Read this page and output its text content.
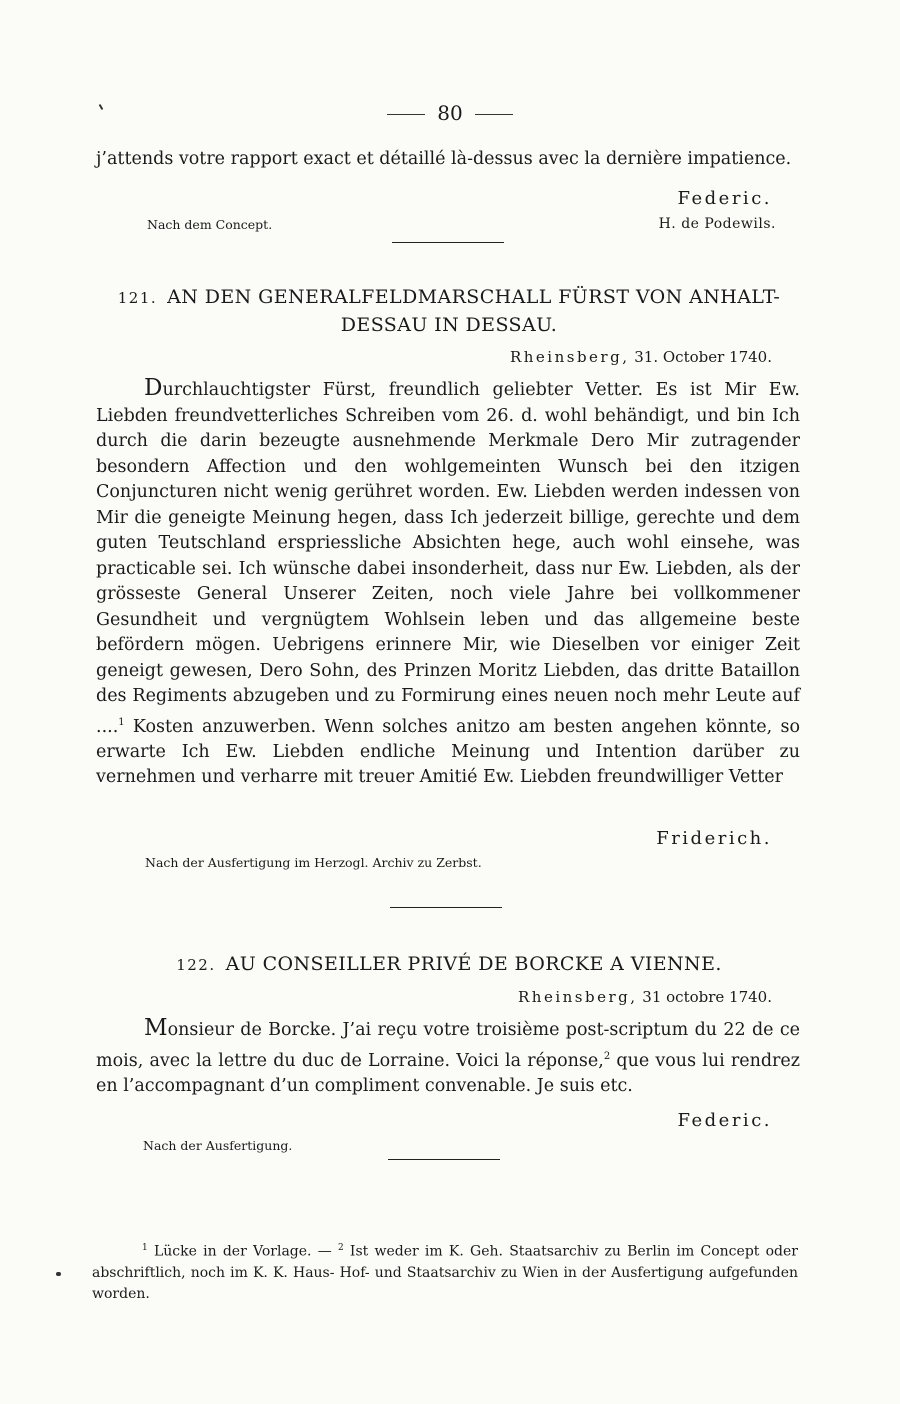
80
j’attends votre rapport exact et détaillé là-dessus avec la dernière impatience.
Federic.
Nach dem Concept.	H. de Podewils.
121. AN DEN GENERALFELDMARSCHALL FÜRST VON ANHALT-DESSAU IN DESSAU.
Rheinsberg, 31. October 1740.
Durchlauchtigster Fürst, freundlich geliebter Vetter. Es ist Mir Ew. Liebden freundvetterliches Schreiben vom 26. d. wohl behändigt, und bin Ich durch die darin bezeugte ausnehmende Merkmale Dero Mir zutragender besondern Affection und den wohlgemeinten Wunsch bei den itzigen Conjuncturen nicht wenig gerühret worden. Ew. Liebden werden indessen von Mir die geneigte Meinung hegen, dass Ich jederzeit billige, gerechte und dem guten Teutschland erspriessliche Absichten hege, auch wohl einsehe, was practicable sei. Ich wünsche dabei insonderheit, dass nur Ew. Liebden, als der grösseste General Unserer Zeiten, noch viele Jahre bei vollkommener Gesundheit und vergnügtem Wohlsein leben und das allgemeine beste befördern mögen. Uebrigens erinnere Mir, wie Dieselben vor einiger Zeit geneigt gewesen, Dero Sohn, des Prinzen Moritz Liebden, das dritte Bataillon des Regiments abzugeben und zu Formirung eines neuen noch mehr Leute auf ....$^1$ Kosten anzuwerben. Wenn solches anitzo am besten angehen könnte, so erwarte Ich Ew. Liebden endliche Meinung und Intention darüber zu vernehmen und verharre mit treuer Amitié Ew. Liebden freundwilliger Vetter
Friderich.
Nach der Ausfertigung im Herzogl. Archiv zu Zerbst.
122. AU CONSEILLER PRIVÉ DE BORCKE A VIENNE.
Rheinsberg, 31 octobre 1740.
Monsieur de Borcke. J’ai reçu votre troisième post-scriptum du 22 de ce mois, avec la lettre du duc de Lorraine. Voici la réponse,$^2$ que vous lui rendrez en l’accompagnant d’un compliment convenable. Je suis etc.
Federic.
Nach der Ausfertigung.
$^1$ Lücke in der Vorlage. — $^2$ Ist weder im K. Geh. Staatsarchiv zu Berlin im Concept oder abschriftlich, noch im K. K. Haus- Hof- und Staatsarchiv zu Wien in der Ausfertigung aufgefunden worden.
